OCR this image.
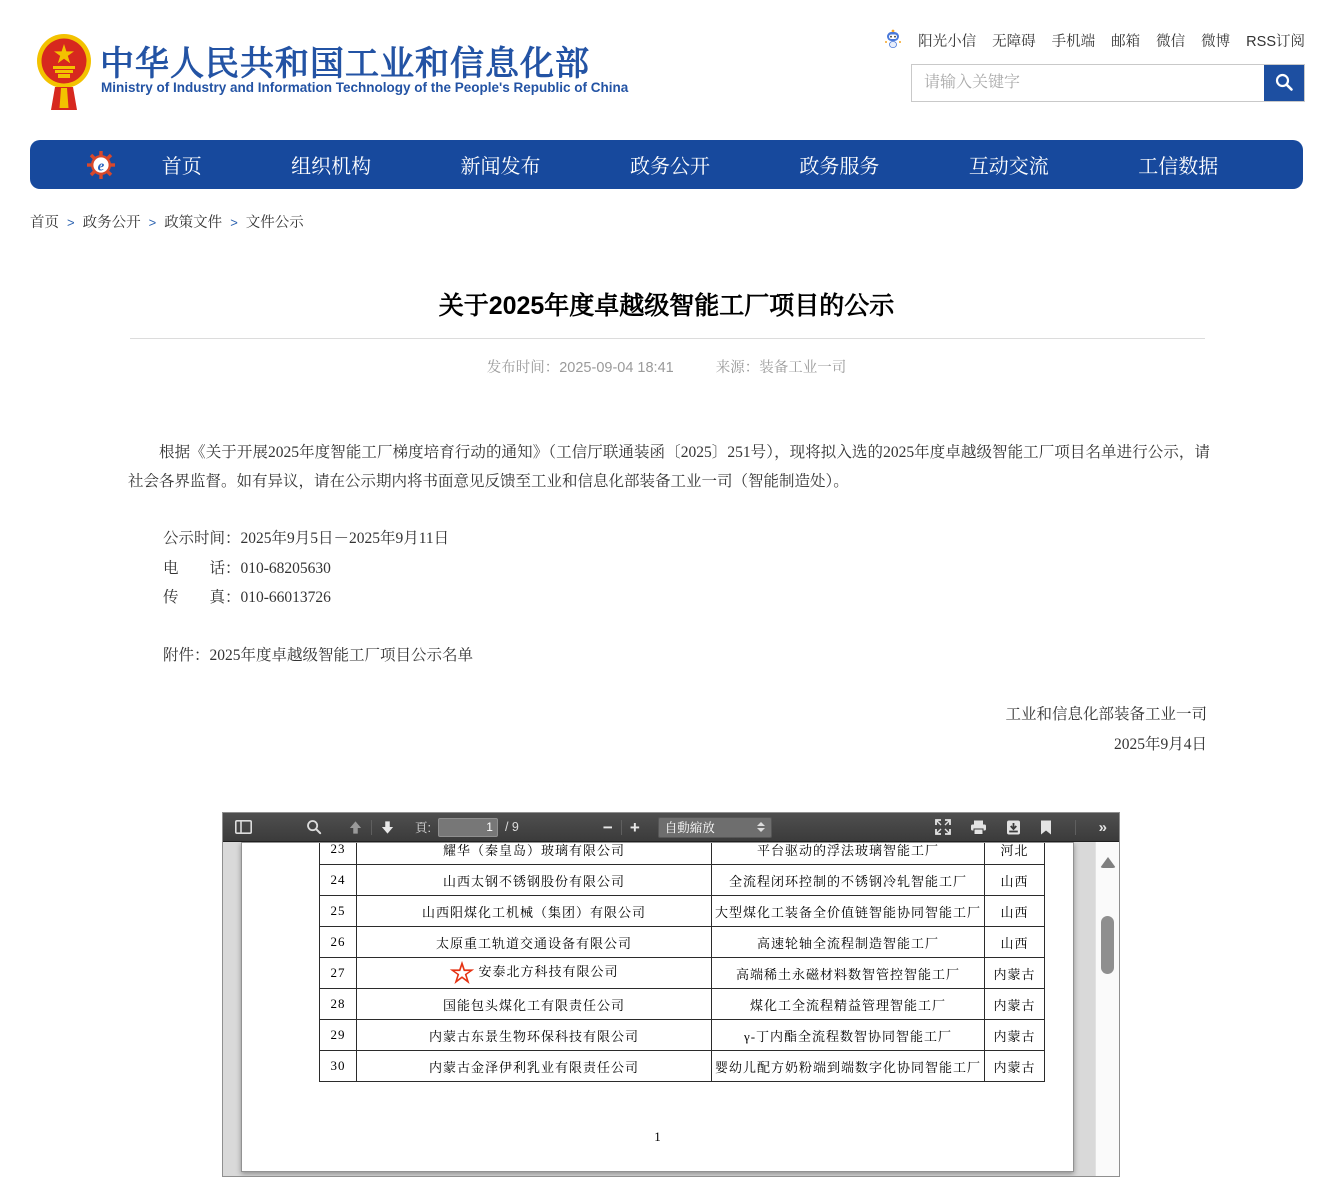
中华人民共和国工业和信息化部
Ministry of Industry and Information Technology of the People's Republic of China
阳光小信 无障碍 手机端 邮箱 微信 微博 RSS订阅
请输入关键字
e	首页	组织机构	新闻发布	政务公开	政务服务	互动交流	工信数据
首页 > 政务公开 > 政策文件 > 文件公示
关于2025年度卓越级智能工厂项目的公示
发布时间：2025-09-04 18:41	来源：装备工业一司

根据《关于开展2025年度智能工厂梯度培育行动的通知》（工信厅联通装函〔2025〕251号），现将拟入选的2025年度卓越级智能工厂项目名单进行公示，请社会各界监督。如有异议，请在公示期内将书面意见反馈至工业和信息化部装备工业一司（智能制造处）。

公示时间：2025年9月5日－2025年9月11日
电　　话：010-68205630
传　　真：010-66013726
附件：2025年度卓越级智能工厂项目公示名单
工业和信息化部装备工业一司
2025年9月4日
頁:
1	/ 9	− + 自動縮放	»
23	耀华（秦皇岛）玻璃有限公司	平台驱动的浮法玻璃智能工厂	河北
24	山西太钢不锈钢股份有限公司	全流程闭环控制的不锈钢冷轧智能工厂	山西
25	山西阳煤化工机械（集团）有限公司	大型煤化工装备全价值链智能协同智能工厂	山西
26	太原重工轨道交通设备有限公司	高速轮轴全流程制造智能工厂	山西
27	安泰北方科技有限公司	高端稀土永磁材料数智管控智能工厂	内蒙古
28	国能包头煤化工有限责任公司	煤化工全流程精益管理智能工厂	内蒙古
29	内蒙古东景生物环保科技有限公司	γ-丁内酯全流程数智协同智能工厂	内蒙古
30	内蒙古金泽伊利乳业有限责任公司	婴幼儿配方奶粉端到端数字化协同智能工厂	内蒙古
1
